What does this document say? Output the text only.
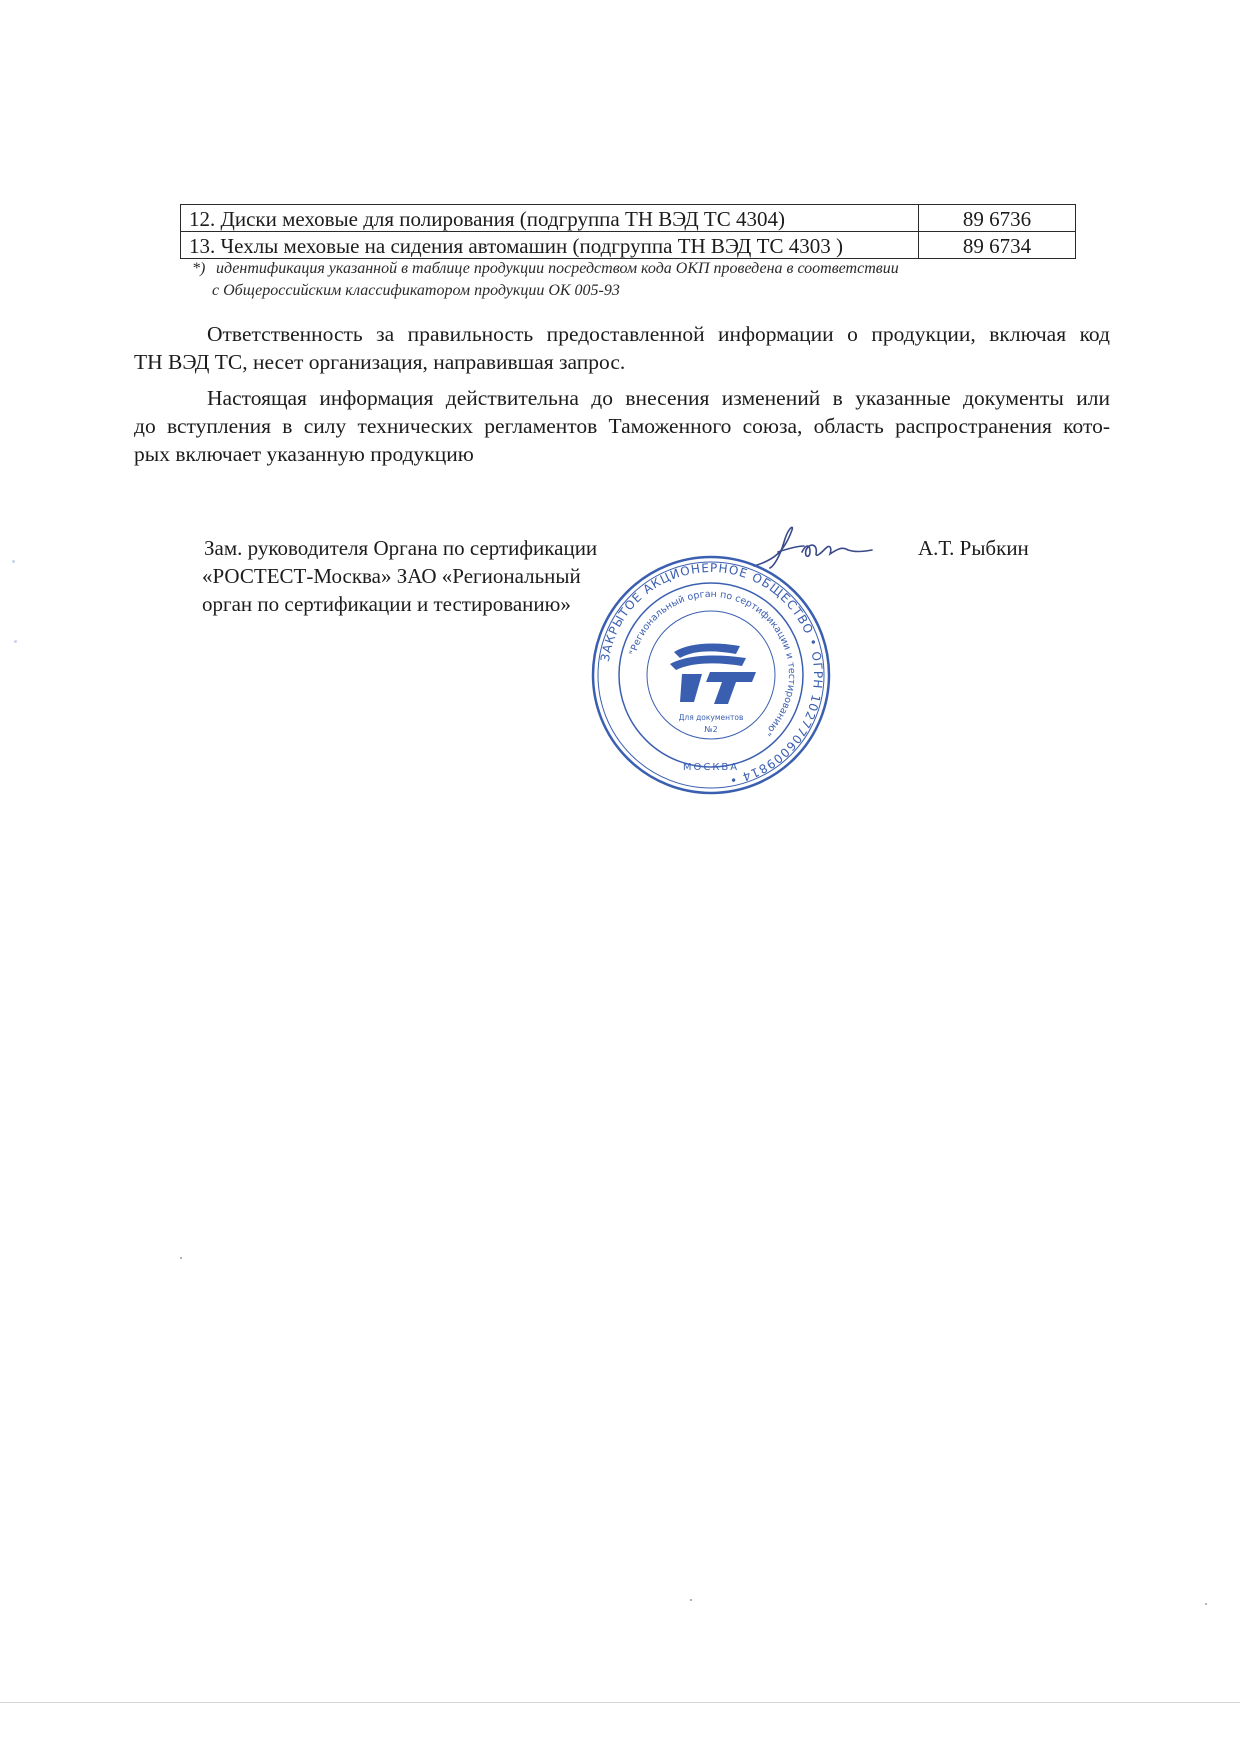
12. Диски меховые для полирования (подгруппа ТН ВЭД ТС 4304)	89 6736
13. Чехлы меховые на сидения автомашин (подгруппа ТН ВЭД ТС 4303 )	89 6734
*) идентификация указанной в таблице продукции посредством кода ОКП проведена в соответствии
с Общероссийским классификатором продукции ОК 005-93
Ответственность за правильность предоставленной информации о продукции, включая код
ТН ВЭД ТС, несет организация, направившая запрос.
Настоящая информация действительна до внесения изменений в указанные документы или
до вступления в силу технических регламентов Таможенного союза, область распространения кото-
рых включает указанную продукцию
Зам. руководителя Органа по сертификации
«РОСТЕСТ-Москва» ЗАО «Региональный
орган по сертификации и тестированию»
А.Т. Рыбкин
ЗАКРЫТОЕ АКЦИОНЕРНОЕ ОБЩЕСТВО • ОГРН 1027706009814 •
"Региональный орган по сертификации и тестированию"
Для документов
№2
МОСКВА
